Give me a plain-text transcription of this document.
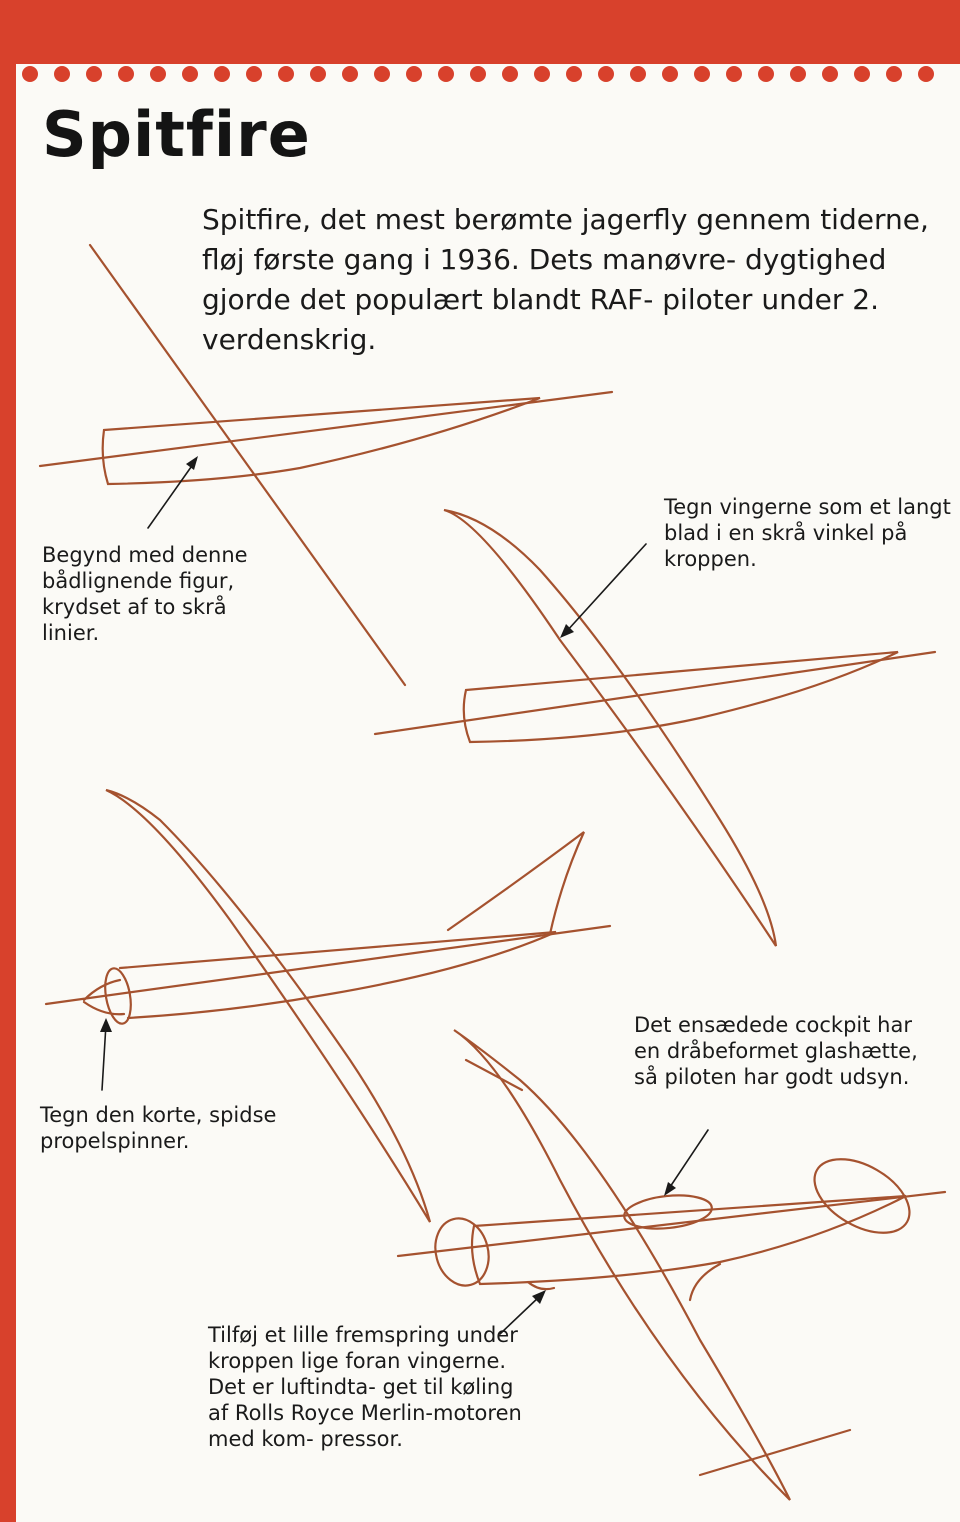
Spitfire

Spitfire, det mest berømte jagerfly gennem tiderne, fløj første gang i 1936. Dets manøvre- dygtighed gjorde det populært blandt RAF- piloter under 2. verdenskrig.

Begynd med denne bådlignende figur, krydset af to skrå linier.

Tegn vingerne som et langt blad i en skrå vinkel på kroppen.

Tegn den korte, spidse propelspinner.

Det ensædede cockpit har en dråbeformet glashætte, så piloten har godt udsyn.

Tilføj et lille fremspring under kroppen lige foran vingerne. Det er luftindta- get til køling af Rolls Royce Merlin-motoren med kom- pressor.
